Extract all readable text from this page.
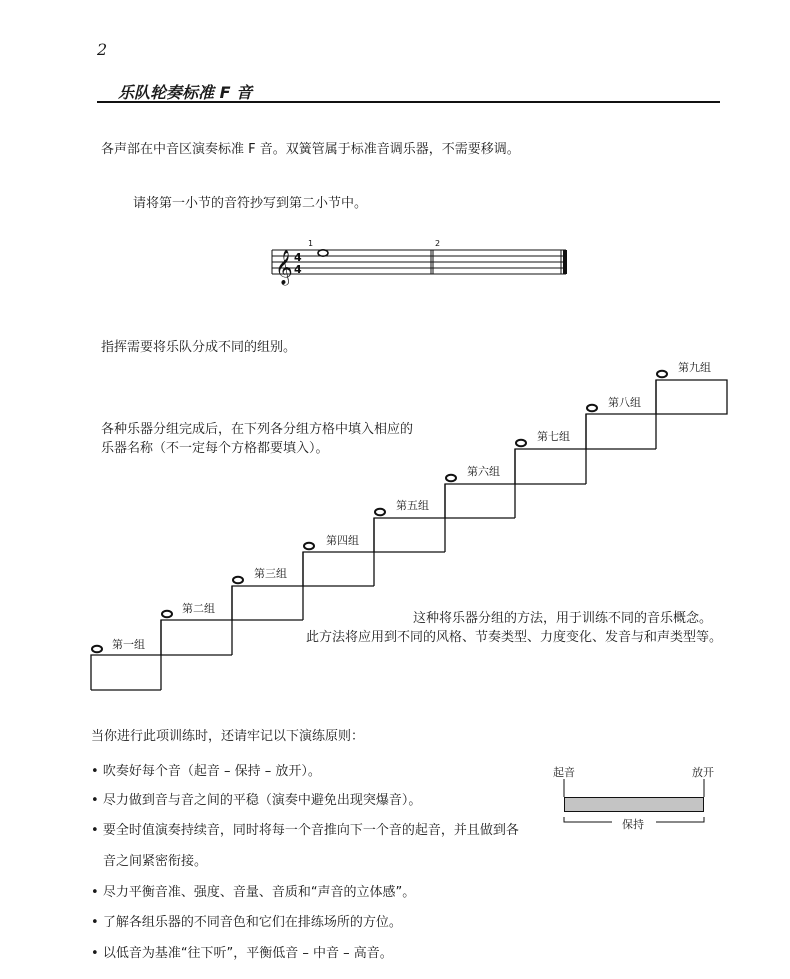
2
乐队轮奏标准 F 音
各声部在中音区演奏标准 F 音。双簧管属于标准音调乐器，不需要移调。
请将第一小节的音符抄写到第二小节中。
𝄞 4
4
1	2
指挥需要将乐队分成不同的组别。
各种乐器分组完成后，在下列各分组方格中填入相应的
乐器名称（不一定每个方格都要填入）。
第一组
第二组
第三组
第四组
第五组
第六组
第七组
第八组
第九组
这种将乐器分组的方法，用于训练不同的音乐概念。
此方法将应用到不同的风格、节奏类型、力度变化、发音与和声类型等。
当你进行此项训练时，还请牢记以下演练原则：
• 吹奏好每个音（起音 – 保持 – 放开）。
• 尽力做到音与音之间的平稳（演奏中避免出现突爆音）。
• 要全时值演奏持续音，同时将每一个音推向下一个音的起音，并且做到各
音之间紧密衔接。
• 尽力平衡音准、强度、音量、音质和“声音的立体感”。
• 了解各组乐器的不同音色和它们在排练场所的方位。
• 以低音为基准“往下听”，平衡低音 – 中音 – 高音。
起音	放开
保持
